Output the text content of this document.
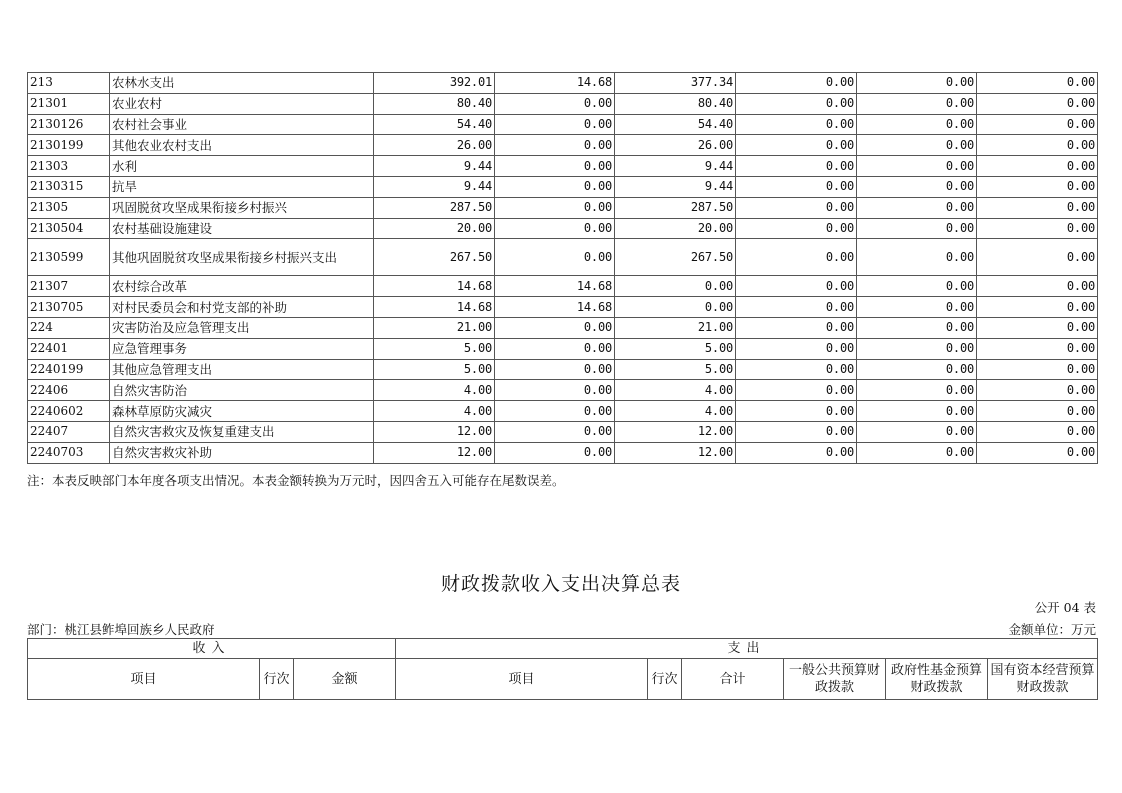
213	农林水支出	392.01	14.68	377.34	0.00	0.00	0.00
21301	农业农村	80.40	0.00	80.40	0.00	0.00	0.00
2130126	农村社会事业	54.40	0.00	54.40	0.00	0.00	0.00
2130199	其他农业农村支出	26.00	0.00	26.00	0.00	0.00	0.00
21303	水利	9.44	0.00	9.44	0.00	0.00	0.00
2130315	抗旱	9.44	0.00	9.44	0.00	0.00	0.00
21305	巩固脱贫攻坚成果衔接乡村振兴	287.50	0.00	287.50	0.00	0.00	0.00
2130504	农村基础设施建设	20.00	0.00	20.00	0.00	0.00	0.00
2130599	其他巩固脱贫攻坚成果衔接乡村振兴支出	267.50	0.00	267.50	0.00	0.00	0.00
21307	农村综合改革	14.68	14.68	0.00	0.00	0.00	0.00
2130705	对村民委员会和村党支部的补助	14.68	14.68	0.00	0.00	0.00	0.00
224	灾害防治及应急管理支出	21.00	0.00	21.00	0.00	0.00	0.00
22401	应急管理事务	5.00	0.00	5.00	0.00	0.00	0.00
2240199	其他应急管理支出	5.00	0.00	5.00	0.00	0.00	0.00
22406	自然灾害防治	4.00	0.00	4.00	0.00	0.00	0.00
2240602	森林草原防灾减灾	4.00	0.00	4.00	0.00	0.00	0.00
22407	自然灾害救灾及恢复重建支出	12.00	0.00	12.00	0.00	0.00	0.00
2240703	自然灾害救灾补助	12.00	0.00	12.00	0.00	0.00	0.00
注：本表反映部门本年度各项支出情况。本表金额转换为万元时，因四舍五入可能存在尾数误差。
财政拨款收入支出决算总表
公开 04 表
部门：桃江县鲊埠回族乡人民政府	金额单位：万元
收入			支出					
项目	行次	金额	项目	行次	合计	一般公共预算财政拨款	政府性基金预算财政拨款	国有资本经营预算财政拨款
